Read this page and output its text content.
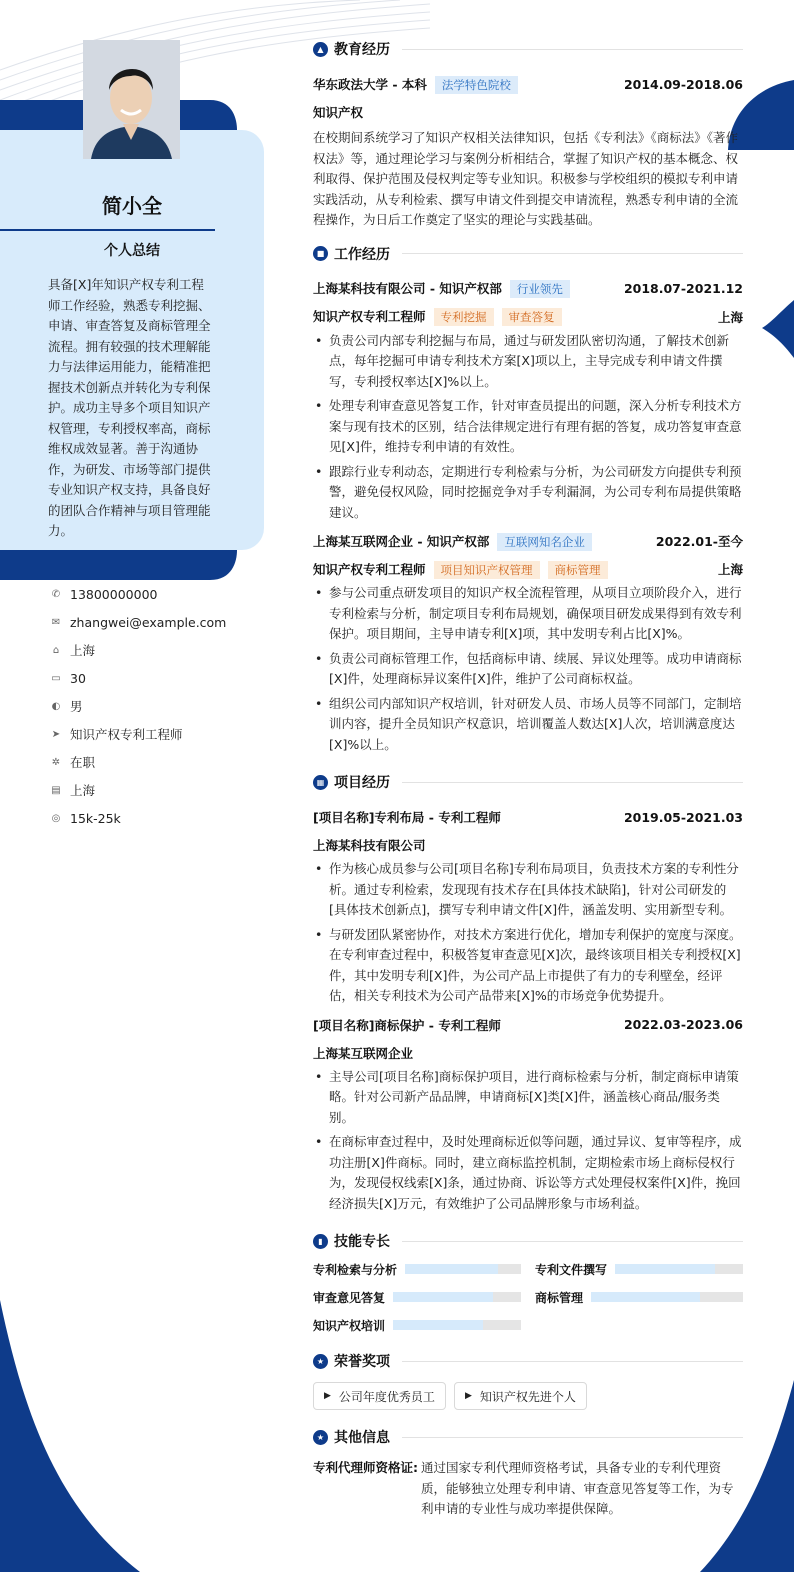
简小全
个人总结
具备[X]年知识产权专利工程师工作经验，熟悉专利挖掘、申请、审查答复及商标管理全流程。拥有较强的技术理解能力与法律运用能力，能精准把握技术创新点并转化为专利保护。成功主导多个项目知识产权管理，专利授权率高，商标维权成效显著。善于沟通协作，为研发、市场等部门提供专业知识产权支持，具备良好的团队合作精神与项目管理能力。
✆ 13800000000
✉ zhangwei@example.com
⌂ 上海
▭ 30
◐ 男
➤ 知识产权专利工程师
✲ 在职
▤ 上海
◎ 15k-25k
▲ 教育经历
华东政法大学 - 本科 法学特色院校	2014.09-2018.06
知识产权
在校期间系统学习了知识产权相关法律知识，包括《专利法》《商标法》《著作权法》等，通过理论学习与案例分析相结合，掌握了知识产权的基本概念、权利取得、保护范围及侵权判定等专业知识。积极参与学校组织的模拟专利申请实践活动，从专利检索、撰写申请文件到提交申请流程，熟悉专利申请的全流程操作，为日后工作奠定了坚实的理论与实践基础。
■ 工作经历
上海某科技有限公司 - 知识产权部 行业领先	2018.07-2021.12
知识产权专利工程师 专利挖掘 审查答复	上海
• 负责公司内部专利挖掘与布局，通过与研发团队密切沟通，了解技术创新点，每年挖掘可申请专利技术方案[X]项以上，主导完成专利申请文件撰写，专利授权率达[X]%以上。
• 处理专利审查意见答复工作，针对审查员提出的问题，深入分析专利技术方案与现有技术的区别，结合法律规定进行有理有据的答复，成功答复审查意见[X]件，维持专利申请的有效性。
• 跟踪行业专利动态，定期进行专利检索与分析，为公司研发方向提供专利预警，避免侵权风险，同时挖掘竞争对手专利漏洞，为公司专利布局提供策略建议。
上海某互联网企业 - 知识产权部 互联网知名企业	2022.01-至今
知识产权专利工程师 项目知识产权管理 商标管理	上海
• 参与公司重点研发项目的知识产权全流程管理，从项目立项阶段介入，进行专利检索与分析，制定项目专利布局规划，确保项目研发成果得到有效专利保护。项目期间，主导申请专利[X]项，其中发明专利占比[X]%。
• 负责公司商标管理工作，包括商标申请、续展、异议处理等。成功申请商标[X]件，处理商标异议案件[X]件，维护了公司商标权益。
• 组织公司内部知识产权培训，针对研发人员、市场人员等不同部门，定制培训内容，提升全员知识产权意识，培训覆盖人数达[X]人次，培训满意度达[X]%以上。
▦ 项目经历
[项目名称]专利布局 - 专利工程师	2019.05-2021.03
上海某科技有限公司
• 作为核心成员参与公司[项目名称]专利布局项目，负责技术方案的专利性分析。通过专利检索，发现现有技术存在[具体技术缺陷]，针对公司研发的[具体技术创新点]，撰写专利申请文件[X]件，涵盖发明、实用新型专利。
• 与研发团队紧密协作，对技术方案进行优化，增加专利保护的宽度与深度。在专利审查过程中，积极答复审查意见[X]次，最终该项目相关专利授权[X]件，其中发明专利[X]件，为公司产品上市提供了有力的专利壁垒，经评估，相关专利技术为公司产品带来[X]%的市场竞争优势提升。
[项目名称]商标保护 - 专利工程师	2022.03-2023.06
上海某互联网企业
• 主导公司[项目名称]商标保护项目，进行商标检索与分析，制定商标申请策略。针对公司新产品品牌，申请商标[X]类[X]件，涵盖核心商品/服务类别。
• 在商标审查过程中，及时处理商标近似等问题，通过异议、复审等程序，成功注册[X]件商标。同时，建立商标监控机制，定期检索市场上商标侵权行为，发现侵权线索[X]条，通过协商、诉讼等方式处理侵权案件[X]件，挽回经济损失[X]万元，有效维护了公司品牌形象与市场利益。
▮ 技能专长
专利检索与分析	专利文件撰写
审查意见答复	商标管理
知识产权培训
★ 荣誉奖项
▶ 公司年度优秀员工	▶ 知识产权先进个人
★ 其他信息
专利代理师资格证: 通过国家专利代理师资格考试，具备专业的专利代理资质，能够独立处理专利申请、审查意见答复等工作，为专利申请的专业性与成功率提供保障。
